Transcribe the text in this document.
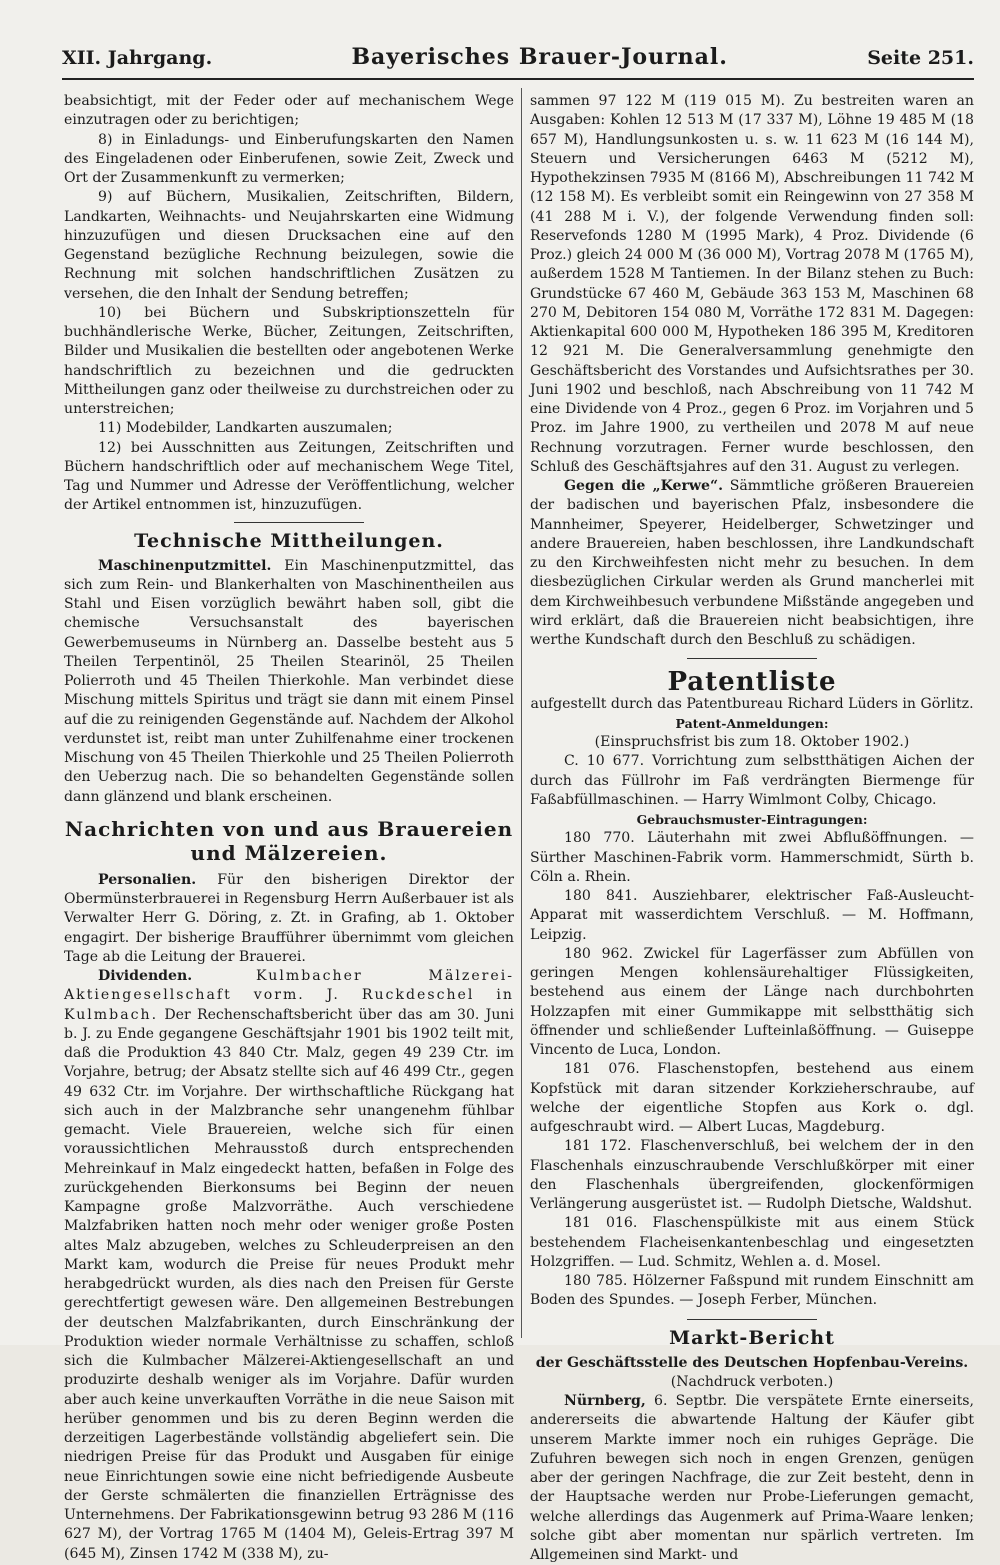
XII. Jahrgang.	Bayerisches Brauer-Journal.	Seite 251.

beabsichtigt, mit der Feder oder auf mechanischem Wege einzutragen oder zu berichtigen;

8) in Einladungs- und Einberufungskarten den Namen des Eingeladenen oder Einberufenen, sowie Zeit, Zweck und Ort der Zusammenkunft zu vermerken;

9) auf Büchern, Musikalien, Zeitschriften, Bildern, Landkarten, Weihnachts- und Neujahrskarten eine Widmung hinzuzufügen und diesen Drucksachen eine auf den Gegenstand bezügliche Rechnung beizulegen, sowie die Rechnung mit solchen handschriftlichen Zusätzen zu versehen, die den Inhalt der Sendung betreffen;

10) bei Büchern und Subskriptionszetteln für buchhändlerische Werke, Bücher, Zeitungen, Zeitschriften, Bilder und Musikalien die bestellten oder angebotenen Werke handschriftlich zu bezeichnen und die gedruckten Mittheilungen ganz oder theilweise zu durchstreichen oder zu unterstreichen;

11) Modebilder, Landkarten auszumalen;

12) bei Ausschnitten aus Zeitungen, Zeitschriften und Büchern handschriftlich oder auf mechanischem Wege Titel, Tag und Nummer und Adresse der Veröffentlichung, welcher der Artikel entnommen ist, hinzuzufügen.

Technische Mittheilungen.

Maschinenputzmittel. Ein Maschinenputzmittel, das sich zum Rein- und Blankerhalten von Maschinentheilen aus Stahl und Eisen vorzüglich bewährt haben soll, gibt die chemische Versuchsanstalt des bayerischen Gewerbemuseums in Nürnberg an. Dasselbe besteht aus 5 Theilen Terpentinöl, 25 Theilen Stearinöl, 25 Theilen Polierroth und 45 Theilen Thierkohle. Man verbindet diese Mischung mittels Spiritus und trägt sie dann mit einem Pinsel auf die zu reinigenden Gegenstände auf. Nachdem der Alkohol verdunstet ist, reibt man unter Zuhilfenahme einer trockenen Mischung von 45 Theilen Thierkohle und 25 Theilen Polierroth den Ueberzug nach. Die so behandelten Gegenstände sollen dann glänzend und blank erscheinen.

Nachrichten von und aus Brauereien und Mälzereien.

Personalien. Für den bisherigen Direktor der Obermünsterbrauerei in Regensburg Herrn Außerbauer ist als Verwalter Herr G. Döring, z. Zt. in Grafing, ab 1. Oktober engagirt. Der bisherige Braufführer übernimmt vom gleichen Tage ab die Leitung der Brauerei.

Dividenden.	Kulmbacher Mälzerei-Aktiengesellschaft vorm. J. Ruckdeschel in Kulmbach. Der Rechenschaftsbericht über das am 30. Juni b. J. zu Ende gegangene Geschäftsjahr 1901 bis 1902 teilt mit, daß die Produktion 43 840 Ctr. Malz, gegen 49 239 Ctr. im Vorjahre, betrug; der Absatz stellte sich auf 46 499 Ctr., gegen 49 632 Ctr. im Vorjahre. Der wirthschaftliche Rückgang hat sich auch in der Malzbranche sehr unangenehm fühlbar gemacht. Viele Brauereien, welche sich für einen voraussichtlichen Mehrausstoß durch entsprechenden Mehreinkauf in Malz eingedeckt hatten, befaßen in Folge des zurückgehenden Bierkonsums bei Beginn der neuen Kampagne große Malzvorräthe. Auch verschiedene Malzfabriken hatten noch mehr oder weniger große Posten altes Malz abzugeben, welches zu Schleuderpreisen an den Markt kam, wodurch die Preise für neues Produkt mehr herabgedrückt wurden, als dies nach den Preisen für Gerste gerechtfertigt gewesen wäre. Den allgemeinen Bestrebungen der deutschen Malzfabrikanten, durch Einschränkung der Produktion wieder normale Verhältnisse zu schaffen, schloß sich die Kulmbacher Mälzerei-Aktiengesellschaft an und produzirte deshalb weniger als im Vorjahre. Dafür wurden aber auch keine unverkauften Vorräthe in die neue Saison mit herüber genommen und bis zu deren Beginn werden die derzeitigen Lagerbestände vollständig abgeliefert sein. Die niedrigen Preise für das Produkt und Ausgaben für einige neue Einrichtungen sowie eine nicht befriedigende Ausbeute der Gerste schmälerten die finanziellen Erträgnisse des Unternehmens. Der Fabrikationsgewinn betrug 93 286 M (116 627 M), der Vortrag 1765 M (1404 M), Geleis-Ertrag 397 M (645 M), Zinsen 1742 M (338 M), zu-

sammen 97 122 M (119 015 M). Zu bestreiten waren an Ausgaben: Kohlen 12 513 M (17 337 M), Löhne 19 485 M (18 657 M), Handlungsunkosten u. s. w. 11 623 M (16 144 M), Steuern und Versicherungen 6463 M (5212 M), Hypothekzinsen 7935 M (8166 M), Abschreibungen 11 742 M (12 158 M). Es verbleibt somit ein Reingewinn von 27 358 M (41 288 M i. V.), der folgende Verwendung finden soll: Reservefonds 1280 M (1995 Mark), 4 Proz. Dividende (6 Proz.) gleich 24 000 M (36 000 M), Vortrag 2078 M (1765 M), außerdem 1528 M Tantiemen. In der Bilanz stehen zu Buch: Grundstücke 67 460 M, Gebäude 363 153 M, Maschinen 68 270 M, Debitoren 154 080 M, Vorräthe 172 831 M. Dagegen: Aktienkapital 600 000 M, Hypotheken 186 395 M, Kreditoren 12 921 M. Die Generalversammlung genehmigte den Geschäftsbericht des Vorstandes und Aufsichtsrathes per 30. Juni 1902 und beschloß, nach Abschreibung von 11 742 M eine Dividende von 4 Proz., gegen 6 Proz. im Vorjahren und 5 Proz. im Jahre 1900, zu vertheilen und 2078 M auf neue Rechnung vorzutragen. Ferner wurde beschlossen, den Schluß des Geschäftsjahres auf den 31. August zu verlegen.

Gegen die „Kerwe“. Sämmtliche größeren Brauereien der badischen und bayerischen Pfalz, insbesondere die Mannheimer, Speyerer, Heidelberger, Schwetzinger und andere Brauereien, haben beschlossen, ihre Landkundschaft zu den Kirchweihfesten nicht mehr zu besuchen. In dem diesbezüglichen Cirkular werden als Grund mancherlei mit dem Kirchweihbesuch verbundene Mißstände angegeben und wird erklärt, daß die Brauereien nicht beabsichtigen, ihre werthe Kundschaft durch den Beschluß zu schädigen.

Patentliste
aufgestellt durch das Patentbureau Richard Lüders in Görlitz.
Patent-Anmeldungen:
(Einspruchsfrist bis zum 18. Oktober 1902.)

C. 10 677. Vorrichtung zum selbstthätigen Aichen der durch das Füllrohr im Faß verdrängten Biermenge für Faßabfüllmaschinen. — Harry Wimlmont Colby, Chicago.

Gebrauchsmuster-Eintragungen:

180 770. Läuterhahn mit zwei Abflußöffnungen. — Sürther Maschinen-Fabrik vorm. Hammerschmidt, Sürth b. Cöln a. Rhein.

180 841. Ausziehbarer, elektrischer Faß-Ausleucht-Apparat mit wasserdichtem Verschluß. — M. Hoffmann, Leipzig.

180 962. Zwickel für Lagerfässer zum Abfüllen von geringen Mengen kohlensäurehaltiger Flüssigkeiten, bestehend aus einem der Länge nach durchbohrten Holzzapfen mit einer Gummikappe mit selbstthätig sich öffnender und schließender Lufteinlaßöffnung. — Guiseppe Vincento de Luca, London.

181 076. Flaschenstopfen, bestehend aus einem Kopfstück mit daran sitzender Korkzieherschraube, auf welche der eigentliche Stopfen aus Kork o. dgl. aufgeschraubt wird. — Albert Lucas, Magdeburg.

181 172. Flaschenverschluß, bei welchem der in den Flaschenhals einzuschraubende Verschlußkörper mit einer den Flaschenhals übergreifenden, glockenförmigen Verlängerung ausgerüstet ist. — Rudolph Dietsche, Waldshut.

181 016. Flaschenspülkiste mit aus einem Stück bestehendem Flacheisenkantenbeschlag und eingesetzten Holzgriffen. — Lud. Schmitz, Wehlen a. d. Mosel.

180 785. Hölzerner Faßspund mit rundem Einschnitt am Boden des Spundes. — Joseph Ferber, München.

Markt-Bericht
der Geschäftsstelle des Deutschen Hopfenbau-Vereins.
(Nachdruck verboten.)

Nürnberg, 6. Septbr. Die verspätete Ernte einerseits, andererseits die abwartende Haltung der Käufer gibt unserem Markte immer noch ein ruhiges Gepräge. Die Zufuhren bewegen sich noch in engen Grenzen, genügen aber der geringen Nachfrage, die zur Zeit besteht, denn in der Hauptsache werden nur Probe-Lieferungen gemacht, welche allerdings das Augenmerk auf Prima-Waare lenken; solche gibt aber momentan nur spärlich vertreten. Im Allgemeinen sind Markt- und
